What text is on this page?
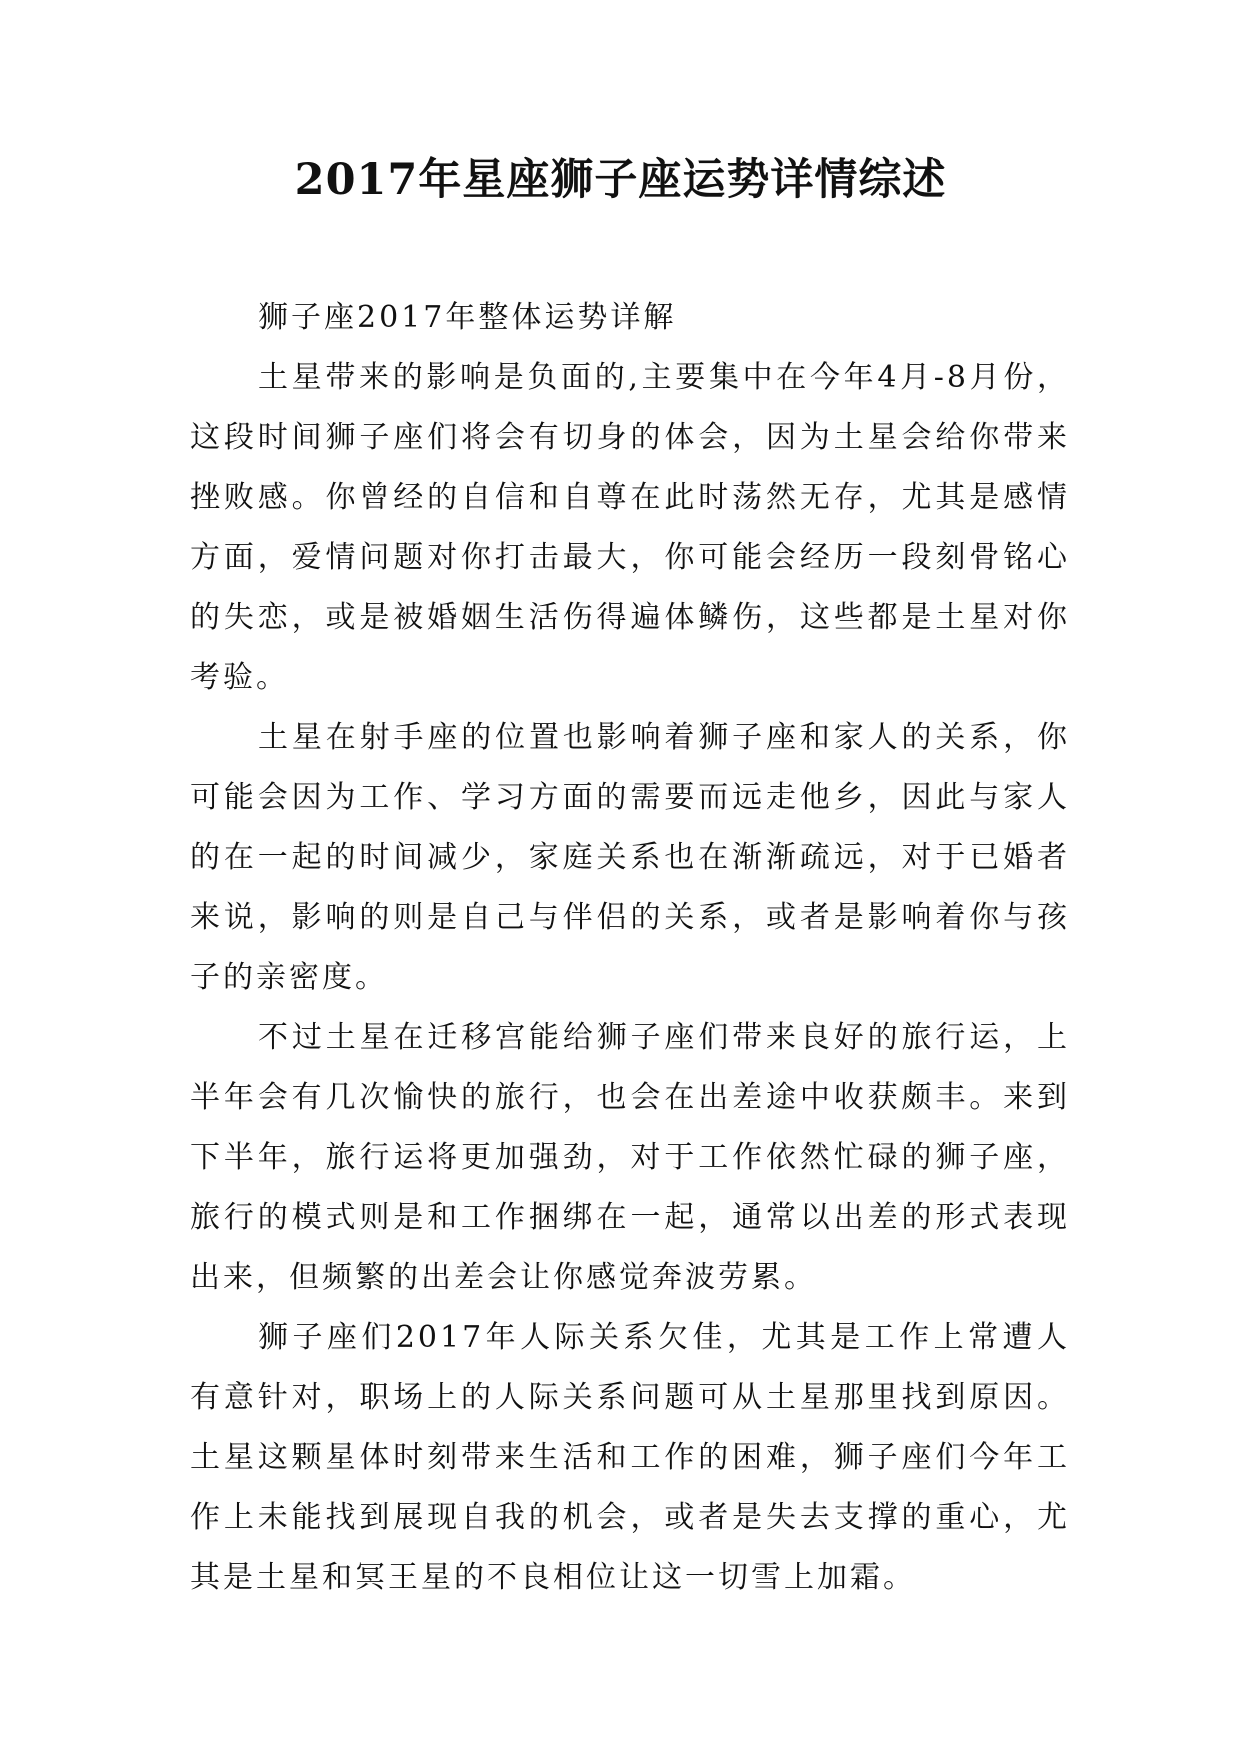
2017年星座狮子座运势详情综述

狮子座2017年整体运势详解

土星带来的影响是负面的,主要集中在今年4月-8月份，这段时间狮子座们将会有切身的体会，因为土星会给你带来挫败感。你曾经的自信和自尊在此时荡然无存，尤其是感情方面，爱情问题对你打击最大，你可能会经历一段刻骨铭心的失恋，或是被婚姻生活伤得遍体鳞伤，这些都是土星对你考验。

土星在射手座的位置也影响着狮子座和家人的关系，你可能会因为工作、学习方面的需要而远走他乡，因此与家人的在一起的时间减少，家庭关系也在渐渐疏远，对于已婚者来说，影响的则是自己与伴侣的关系，或者是影响着你与孩子的亲密度。

不过土星在迁移宫能给狮子座们带来良好的旅行运，上半年会有几次愉快的旅行，也会在出差途中收获颇丰。来到下半年，旅行运将更加强劲，对于工作依然忙碌的狮子座，旅行的模式则是和工作捆绑在一起，通常以出差的形式表现出来，但频繁的出差会让你感觉奔波劳累。

狮子座们2017年人际关系欠佳，尤其是工作上常遭人有意针对，职场上的人际关系问题可从土星那里找到原因。土星这颗星体时刻带来生活和工作的困难，狮子座们今年工作上未能找到展现自我的机会，或者是失去支撑的重心，尤其是土星和冥王星的不良相位让这一切雪上加霜。
